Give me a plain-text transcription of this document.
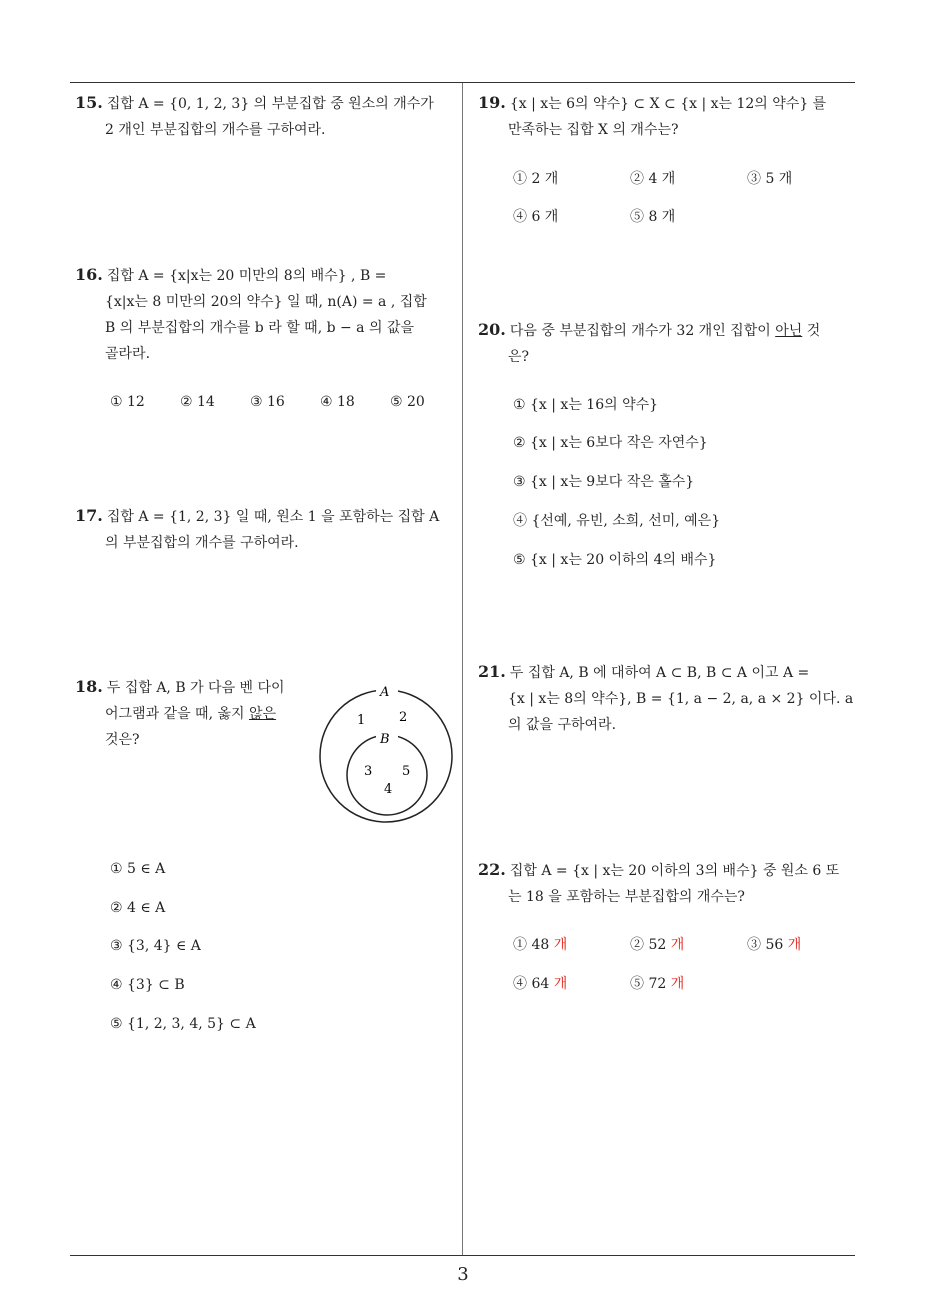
3
15. 집합 A = {0, 1, 2, 3} 의 부분집합 중 원소의 개수가
2 개인 부분집합의 개수를 구하여라.
16. 집합 A = {x|x는 20 미만의 8의 배수} , B =
{x|x는 8 미만의 20의 약수} 일 때, n(A) = a , 집합
B 의 부분집합의 개수를 b 라 할 때, b − a 의 값을
골라라.
① 12	② 14	③ 16	④ 18	⑤ 20
17. 집합 A = {1, 2, 3} 일 때, 원소 1 을 포함하는 집합 A
의 부분집합의 개수를 구하여라.
18. 두 집합 A, B 가 다음 벤 다이
어그램과 같을 때, 옳지 않은
것은?
A
B
1	2
3 5
4
① 5 ∈ A
② 4 ∈ A
③ {3, 4} ∈ A
④ {3} ⊂ B
⑤ {1, 2, 3, 4, 5} ⊂ A
19. {x | x는 6의 약수} ⊂ X ⊂ {x | x는 12의 약수} 를
만족하는 집합 X 의 개수는?
① 2 개	② 4 개	③ 5 개
④ 6 개	⑤ 8 개
20. 다음 중 부분집합의 개수가 32 개인 집합이 아닌 것
은?
① {x | x는 16의 약수}
② {x | x는 6보다 작은 자연수}
③ {x | x는 9보다 작은 홀수}
④ {선예, 유빈, 소희, 선미, 예은}
⑤ {x | x는 20 이하의 4의 배수}
21. 두 집합 A, B 에 대하여 A ⊂ B, B ⊂ A 이고 A =
{x | x는 8의 약수}, B = {1, a − 2, a, a × 2} 이다. a
의 값을 구하여라.
22. 집합 A = {x | x는 20 이하의 3의 배수} 중 원소 6 또
는 18 을 포함하는 부분집합의 개수는?
① 48 개	② 52 개	③ 56 개
④ 64 개	⑤ 72 개
